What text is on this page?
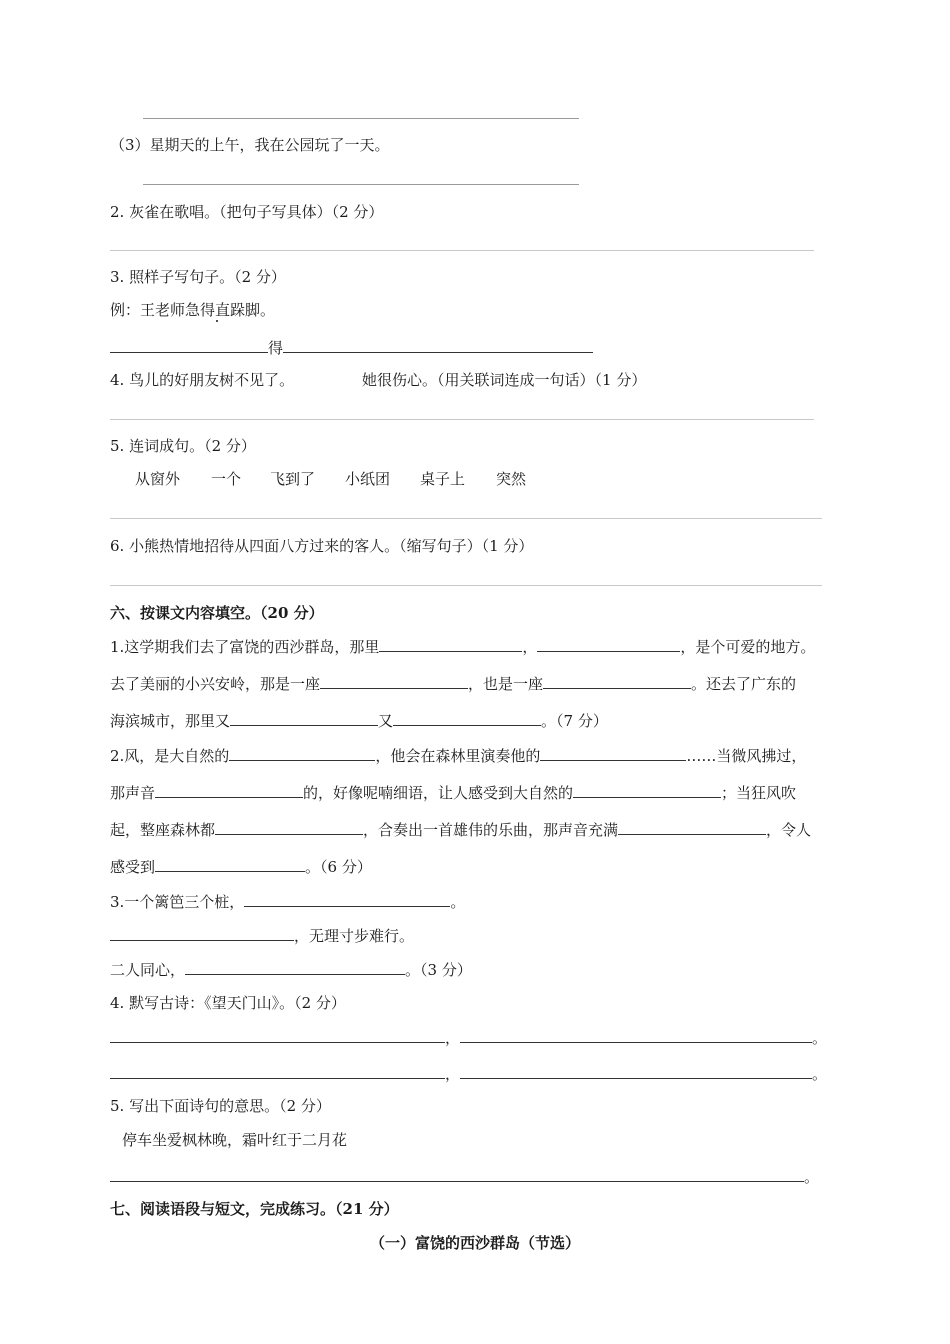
（3）星期天的上午，我在公园玩了一天。
2. 灰雀在歌唱。（把句子写具体）（2 分）
3. 照样子写句子。（2 分）
例：王老师急得直跺脚。
得
4. 鸟儿的好朋友树不见了。	她很伤心。（用关联词连成一句话）（1 分）
5. 连词成句。（2 分）
从窗外 一个 飞到了 小纸团 桌子上 突然
6. 小熊热情地招待从四面八方过来的客人。（缩写句子）（1 分）
六、按课文内容填空。（20 分）
1.这学期我们去了富饶的西沙群岛，那里	，	，是个可爱的地方。
去了美丽的小兴安岭，那是一座	，也是一座	。还去了广东的
海滨城市，那里又	又	。（7 分）
2.风，是大自然的	，他会在森林里演奏他的	……当微风拂过，
那声音	的，好像呢喃细语，让人感受到大自然的	；当狂风吹
起，整座森林都	，合奏出一首雄伟的乐曲，那声音充满	，令人
感受到	。（6 分）
3.一个篱笆三个桩，	。
，无理寸步难行。
二人同心，	。（3 分）
4. 默写古诗：《望天门山》。（2 分）
，	。
，	。
5. 写出下面诗句的意思。（2 分）
停车坐爱枫林晚，霜叶红于二月花
。
七、阅读语段与短文，完成练习。（21 分）
（一）富饶的西沙群岛（节选）
